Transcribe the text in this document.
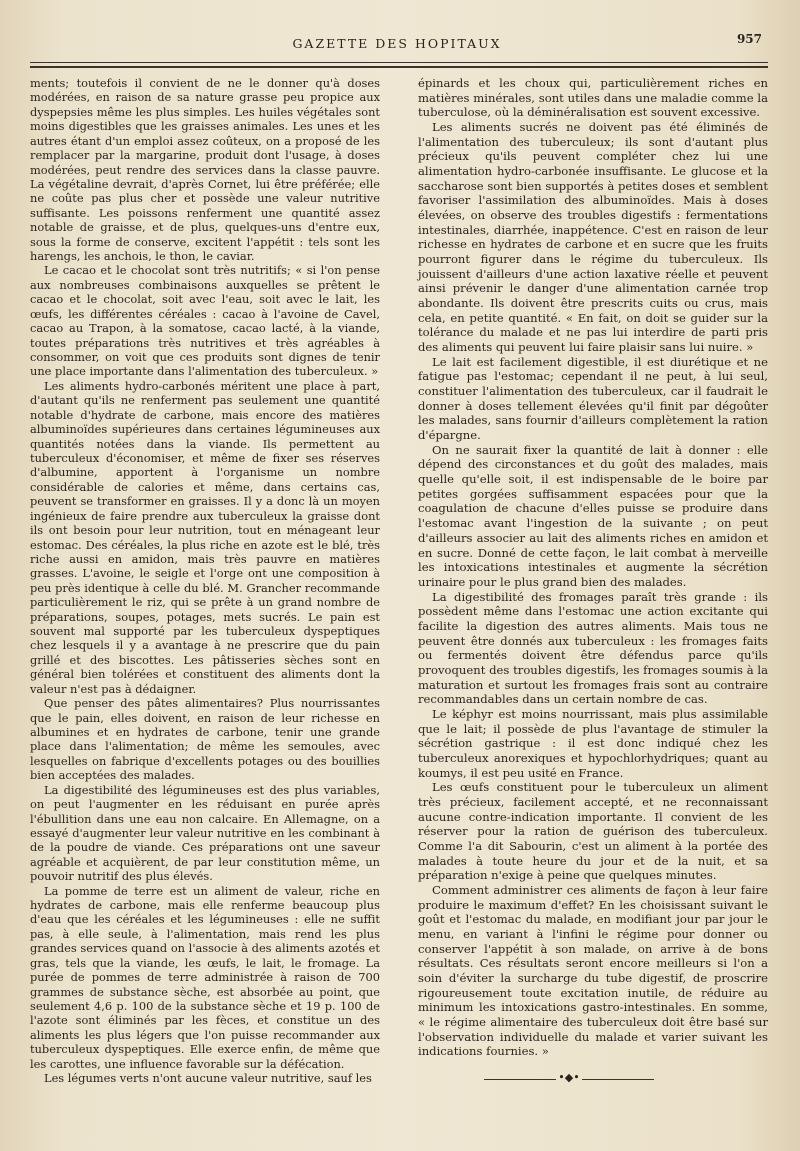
GAZETTE DES HOPITAUX	957

ments; toutefois il convient de ne le donner qu'à doses modérées, en raison de sa nature grasse peu propice aux dyspepsies même les plus simples. Les huiles végétales sont moins digestibles que les graisses animales. Les unes et les autres étant d'un emploi assez coûteux, on a proposé de les remplacer par la margarine, produit dont l'usage, à doses modérées, peut rendre des services dans la classe pauvre. La végétaline devrait, d'après Cornet, lui être préférée; elle ne coûte pas plus cher et possède une valeur nutritive suffisante. Les poissons renferment une quantité assez notable de graisse, et de plus, quelques-uns d'entre eux, sous la forme de conserve, excitent l'appétit : tels sont les harengs, les anchois, le thon, le caviar.

Le cacao et le chocolat sont très nutritifs; « si l'on pense aux nombreuses combinaisons auxquelles se prêtent le cacao et le chocolat, soit avec l'eau, soit avec le lait, les œufs, les différentes céréales : cacao à l'avoine de Cavel, cacao au Trapon, à la somatose, cacao lacté, à la viande, toutes préparations très nutritives et très agréables à consommer, on voit que ces produits sont dignes de tenir une place importante dans l'alimentation des tuberculeux. »

Les aliments hydro-carbonés méritent une place à part, d'autant qu'ils ne renferment pas seulement une quantité notable d'hydrate de carbone, mais encore des matières albuminoïdes supérieures dans certaines légumineuses aux quantités notées dans la viande. Ils permettent au tuberculeux d'économiser, et même de fixer ses réserves d'albumine, apportent à l'organisme un nombre considérable de calories et même, dans certains cas, peuvent se transformer en graisses. Il y a donc là un moyen ingénieux de faire prendre aux tuberculeux la graisse dont ils ont besoin pour leur nutrition, tout en ménageant leur estomac. Des céréales, la plus riche en azote est le blé, très riche aussi en amidon, mais très pauvre en matières grasses. L'avoine, le seigle et l'orge ont une composition à peu près identique à celle du blé. M. Grancher recommande particulièrement le riz, qui se prête à un grand nombre de préparations, soupes, potages, mets sucrés. Le pain est souvent mal supporté par les tuberculeux dyspeptiques chez lesquels il y a avantage à ne prescrire que du pain grillé et des biscottes. Les pâtisseries sèches sont en général bien tolérées et constituent des aliments dont la valeur n'est pas à dédaigner.

Que penser des pâtes alimentaires? Plus nourrissantes que le pain, elles doivent, en raison de leur richesse en albumines et en hydrates de carbone, tenir une grande place dans l'alimentation; de même les semoules, avec lesquelles on fabrique d'excellents potages ou des bouillies bien acceptées des malades.

La digestibilité des légumineuses est des plus variables, on peut l'augmenter en les réduisant en purée après l'ébullition dans une eau non calcaire. En Allemagne, on a essayé d'augmenter leur valeur nutritive en les combinant à de la poudre de viande. Ces préparations ont une saveur agréable et acquièrent, de par leur constitution même, un pouvoir nutritif des plus élevés.

La pomme de terre est un aliment de valeur, riche en hydrates de carbone, mais elle renferme beaucoup plus d'eau que les céréales et les légumineuses : elle ne suffit pas, à elle seule, à l'alimentation, mais rend les plus grandes services quand on l'associe à des aliments azotés et gras, tels que la viande, les œufs, le lait, le fromage. La purée de pommes de terre administrée à raison de 700 grammes de substance sèche, est absorbée au point, que seulement 4,6 p. 100 de la substance sèche et 19 p. 100 de l'azote sont éliminés par les fèces, et constitue un des aliments les plus légers que l'on puisse recommander aux tuberculeux dyspeptiques. Elle exerce enfin, de même que les carottes, une influence favorable sur la défécation.

Les légumes verts n'ont aucune valeur nutritive, sauf les

épinards et les choux qui, particulièrement riches en matières minérales, sont utiles dans une maladie comme la tuberculose, où la déminéralisation est souvent excessive.

Les aliments sucrés ne doivent pas été éliminés de l'alimentation des tuberculeux; ils sont d'autant plus précieux qu'ils peuvent compléter chez lui une alimentation hydro-carbonée insuffisante. Le glucose et la saccharose sont bien supportés à petites doses et semblent favoriser l'assimilation des albuminoïdes. Mais à doses élevées, on observe des troubles digestifs : fermentations intestinales, diarrhée, inappétence. C'est en raison de leur richesse en hydrates de carbone et en sucre que les fruits pourront figurer dans le régime du tuberculeux. Ils jouissent d'ailleurs d'une action laxative réelle et peuvent ainsi prévenir le danger d'une alimentation carnée trop abondante. Ils doivent être prescrits cuits ou crus, mais cela, en petite quantité. « En fait, on doit se guider sur la tolérance du malade et ne pas lui interdire de parti pris des aliments qui peuvent lui faire plaisir sans lui nuire. »

Le lait est facilement digestible, il est diurétique et ne fatigue pas l'estomac; cependant il ne peut, à lui seul, constituer l'alimentation des tuberculeux, car il faudrait le donner à doses tellement élevées qu'il finit par dégoûter les malades, sans fournir d'ailleurs complètement la ration d'épargne.

On ne saurait fixer la quantité de lait à donner : elle dépend des circonstances et du goût des malades, mais quelle qu'elle soit, il est indispensable de le boire par petites gorgées suffisamment espacées pour que la coagulation de chacune d'elles puisse se produire dans l'estomac avant l'ingestion de la suivante ; on peut d'ailleurs associer au lait des aliments riches en amidon et en sucre. Donné de cette façon, le lait combat à merveille les intoxications intestinales et augmente la sécrétion urinaire pour le plus grand bien des malades.

La digestibilité des fromages paraît très grande : ils possèdent même dans l'estomac une action excitante qui facilite la digestion des autres aliments. Mais tous ne peuvent être donnés aux tuberculeux : les fromages faits ou fermentés doivent être défendus parce qu'ils provoquent des troubles digestifs, les fromages soumis à la maturation et surtout les fromages frais sont au contraire recommandables dans un certain nombre de cas.

Le képhyr est moins nourrissant, mais plus assimilable que le lait; il possède de plus l'avantage de stimuler la sécrétion gastrique : il est donc indiqué chez les tuberculeux anorexiques et hypochlorhydriques; quant au koumys, il est peu usité en France.

Les œufs constituent pour le tuberculeux un aliment très précieux, facilement accepté, et ne reconnaissant aucune contre-indication importante. Il convient de les réserver pour la ration de guérison des tuberculeux. Comme l'a dit Sabourin, c'est un aliment à la portée des malades à toute heure du jour et de la nuit, et sa préparation n'exige à peine que quelques minutes.

Comment administrer ces aliments de façon à leur faire produire le maximum d'effet? En les choisissant suivant le goût et l'estomac du malade, en modifiant jour par jour le menu, en variant à l'infini le régime pour donner ou conserver l'appétit à son malade, on arrive à de bons résultats. Ces résultats seront encore meilleurs si l'on a soin d'éviter la surcharge du tube digestif, de proscrire rigoureusement toute excitation inutile, de réduire au minimum les intoxications gastro-intestinales. En somme, « le régime alimentaire des tuberculeux doit être basé sur l'observation individuelle du malade et varier suivant les indications fournies. »

•◆•
